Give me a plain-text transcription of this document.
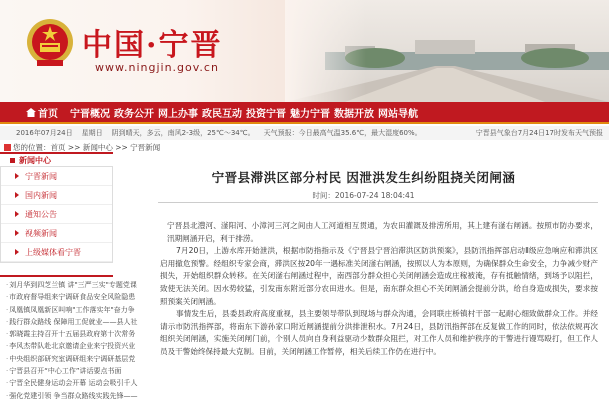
中国·宁晋
www.ningjin.gov.cn
首页 宁晋概况 政务公开 网上办事 政民互动 投资宁晋 魅力宁晋 数据开放 网站导航
2016年07月24日 星期日 阴到晴天，多云，南风2-3级，25℃～34℃。 天气预报：今日最高气温35.6℃，最大湿度60%。	宁晋县气象台7月24日17时发布天气预报
您的位置：首页 >> 新闻中心 >> 宁晋新闻
新闻中心
宁晋新闻
国内新闻
通知公告
视频新闻
上级媒体看宁晋
· 刘月华到四芝兰镇 讲"三严三实"专题党课
· 市政府督导组来宁调研食品安全风险隐患
· 凤凰镇凤凰新区叫响"工作落实年"奋力争
· 践行群众路线 保障用工促就业——县人社
· 郭晓霞主持召开十五届县政府第十次常务
· 李风杰带队赴北京邀请企业来宁投资兴业
· 中央组织部研究室调研组来宁调研基层党
· 宁晋县召开“中心工作”讲话要点书面
· 宁晋全民健身运动会开幕 运动会吸引千人
· 强化党建引领 争当群众路线实践先锋——
宁晋县滞洪区部分村民 因泄洪发生纠纷阻挠关闭闸涵
时间：2016-07-24 18:04:41

宁晋县北澧河、滏阳河、小漳河三河之间由人工河道相互贯通，为农田灌溉及排涝所用，其上建有滏右闸涵。按照市防办要求，汛期闸涵开启，利于排涝。

7月20日，上游水库开始泄洪，根据市防指指示及《宁晋县宁晋泊滞洪区防洪预案》，县防汛指挥部启动Ⅱ级应急响应和滞洪区启用撤危预警。经组织专家会商，滞洪区按20年一遇标准关闭滏右闸涵，按照以人为本原则，为确保群众生命安全，力争减少财产损失，开始组织群众转移。在关闭滏右闸涵过程中，南西部分群众担心关闭闸涵会造成庄稼被淹，存有抵触情绪，到场予以阻拦，致使无法关闭。因水势较猛，引发南东附近部分农田进水。但是，南东群众担心不关闭闸涵会提前分洪，给自身造成损失，要求按照预案关闭闸涵。

事情发生后，县委县政府高度重视，县主要领导带队到现场与群众沟通，会同联庄桥镇村干部一起耐心细致做群众工作。并经请示市防汛指挥部，将南东下游孙家口附近闸涵提前分洪排泄积水。7月24日，县防汛指挥部在反复做工作的同时，依法依规再次组织关闭闸涵，实施关闭闸门前，个别人员向自身利益驱动少数群众阻拦，对工作人员和维护秩序的干警进行谩骂殴打，但工作人员及干警始终保持最大克制。目前，关闭闸涵工作暂停，相关后续工作仍在进行中。
